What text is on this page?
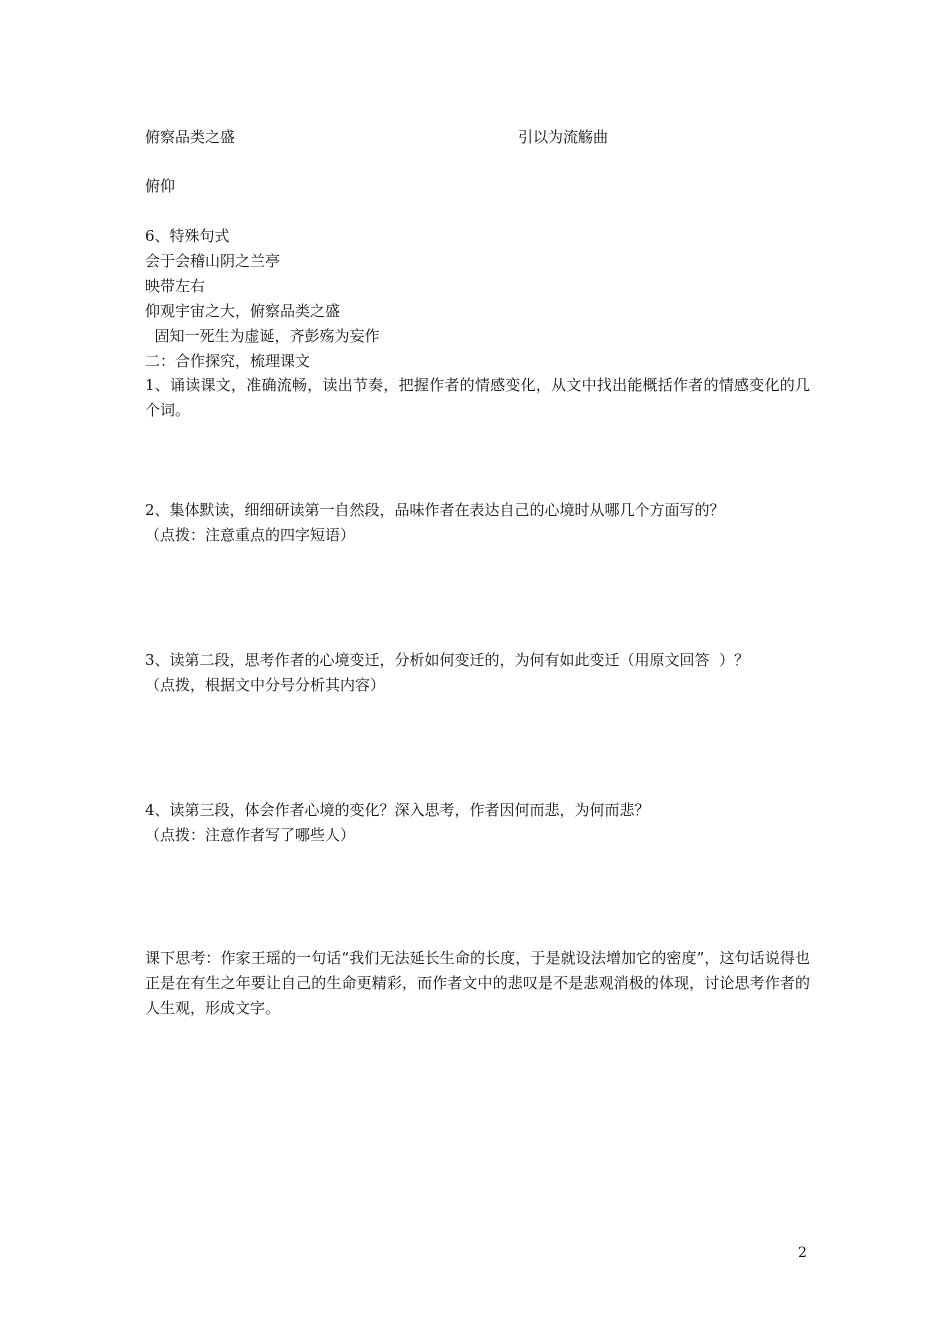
俯察品类之盛	引以为流觞曲
俯仰
6、特殊句式
会于会稽山阴之兰亭
映带左右
仰观宇宙之大，俯察品类之盛
固知一死生为虚诞，齐彭殇为妄作
二：合作探究，梳理课文
1、诵读课文，准确流畅，读出节奏，把握作者的情感变化，从文中找出能概括作者的情感变化的几个词。
2、集体默读，细细研读第一自然段，品味作者在表达自己的心境时从哪几个方面写的？
（点拨：注意重点的四字短语）
3、读第二段，思考作者的心境变迁，分析如何变迁的，为何有如此变迁（用原文回答  ）？
（点拨，根据文中分号分析其内容）
4、读第三段，体会作者心境的变化？深入思考，作者因何而悲，为何而悲？
（点拨：注意作者写了哪些人）
课下思考：作家王瑶的一句话“我们无法延长生命的长度，于是就设法增加它的密度”，这句话说得也正是在有生之年要让自己的生命更精彩，而作者文中的悲叹是不是悲观消极的体现，讨论思考作者的人生观，形成文字。
2
